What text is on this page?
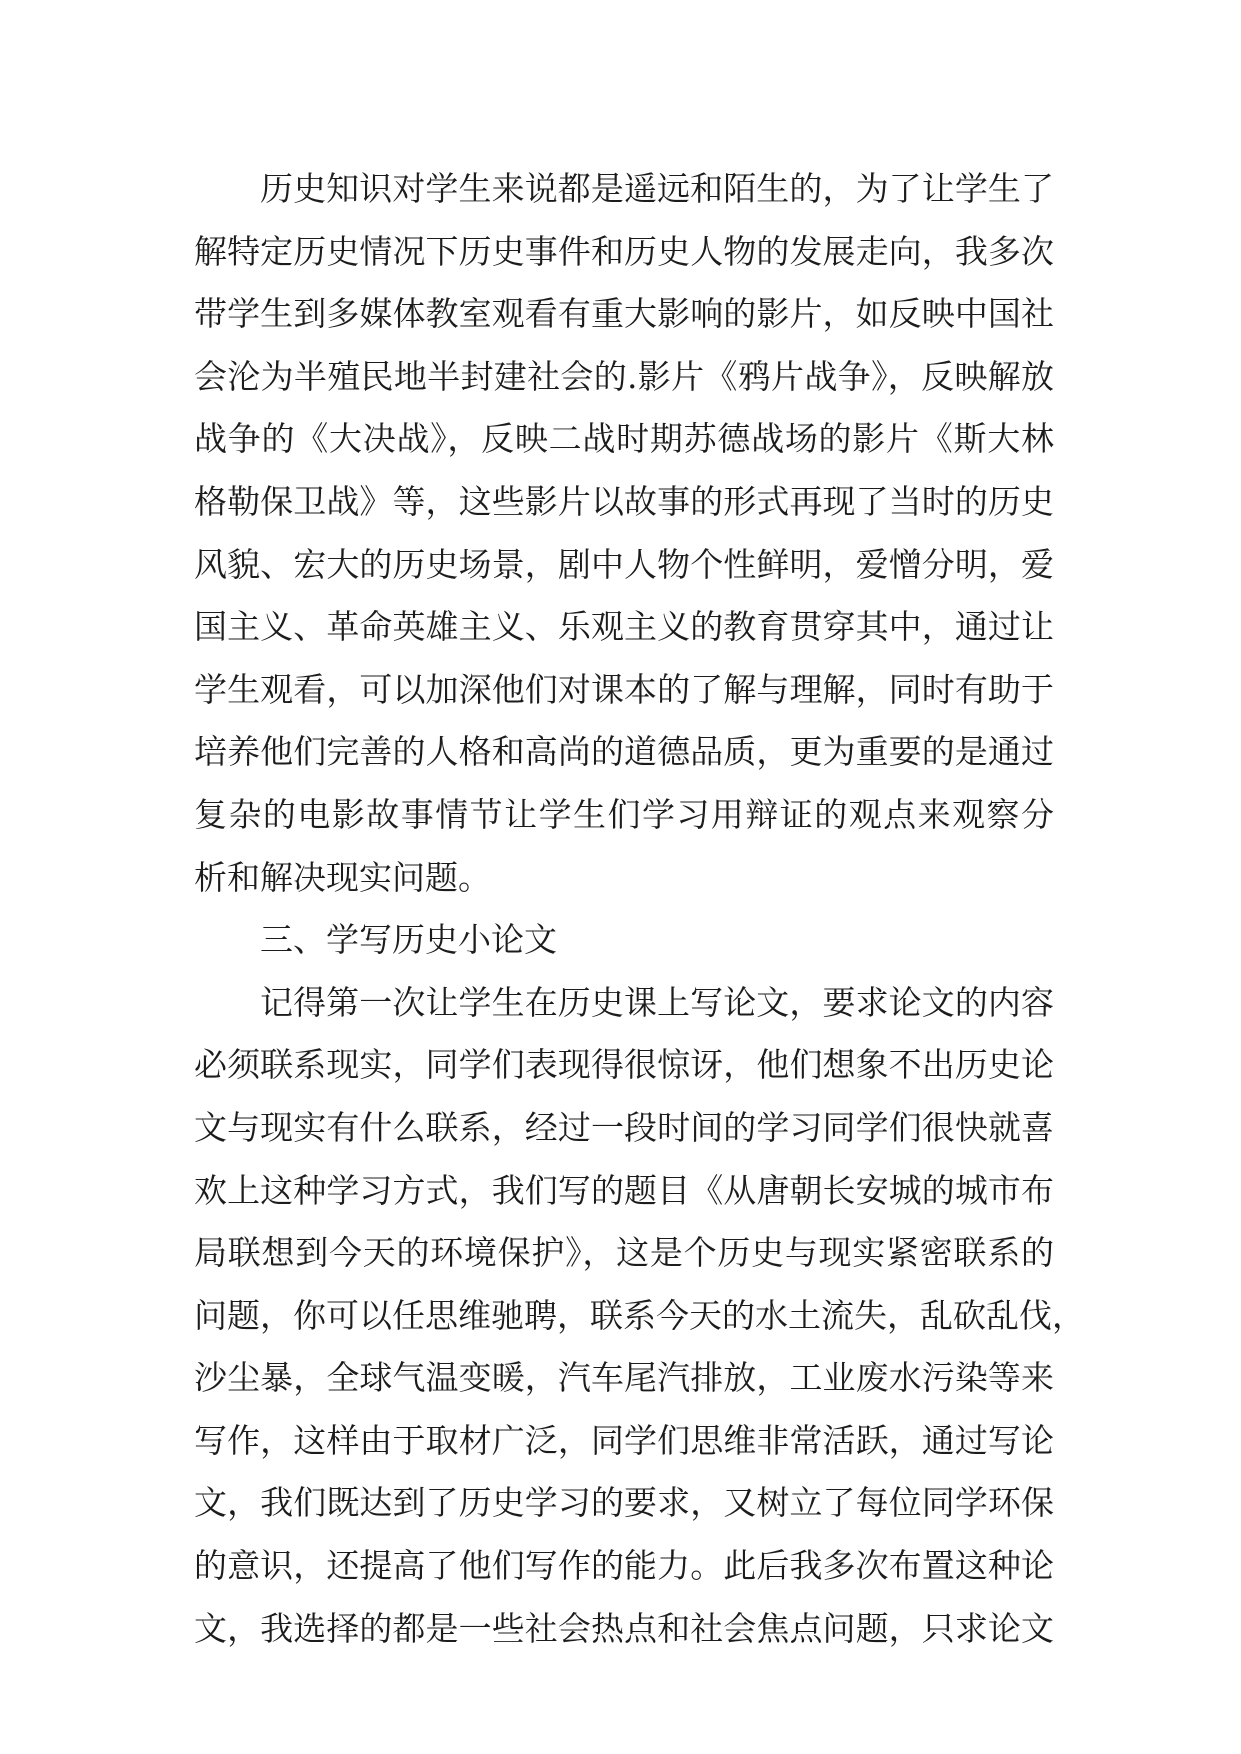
历史知识对学生来说都是遥远和陌生的，为了让学生了
解特定历史情况下历史事件和历史人物的发展走向，我多次
带学生到多媒体教室观看有重大影响的影片，如反映中国社
会沦为半殖民地半封建社会的.影片《鸦片战争》，反映解放
战争的《大决战》，反映二战时期苏德战场的影片《斯大林
格勒保卫战》等，这些影片以故事的形式再现了当时的历史
风貌、宏大的历史场景，剧中人物个性鲜明，爱憎分明，爱
国主义、革命英雄主义、乐观主义的教育贯穿其中，通过让
学生观看，可以加深他们对课本的了解与理解，同时有助于
培养他们完善的人格和高尚的道德品质，更为重要的是通过
复杂的电影故事情节让学生们学习用辩证的观点来观察分
析和解决现实问题。
三、学写历史小论文
记得第一次让学生在历史课上写论文，要求论文的内容
必须联系现实，同学们表现得很惊讶，他们想象不出历史论
文与现实有什么联系，经过一段时间的学习同学们很快就喜
欢上这种学习方式，我们写的题目《从唐朝长安城的城市布
局联想到今天的环境保护》，这是个历史与现实紧密联系的
问题，你可以任思维驰聘，联系今天的水土流失，乱砍乱伐，
沙尘暴，全球气温变暖，汽车尾汽排放，工业废水污染等来
写作，这样由于取材广泛，同学们思维非常活跃，通过写论
文，我们既达到了历史学习的要求，又树立了每位同学环保
的意识，还提高了他们写作的能力。此后我多次布置这种论
文，我选择的都是一些社会热点和社会焦点问题，只求论文
